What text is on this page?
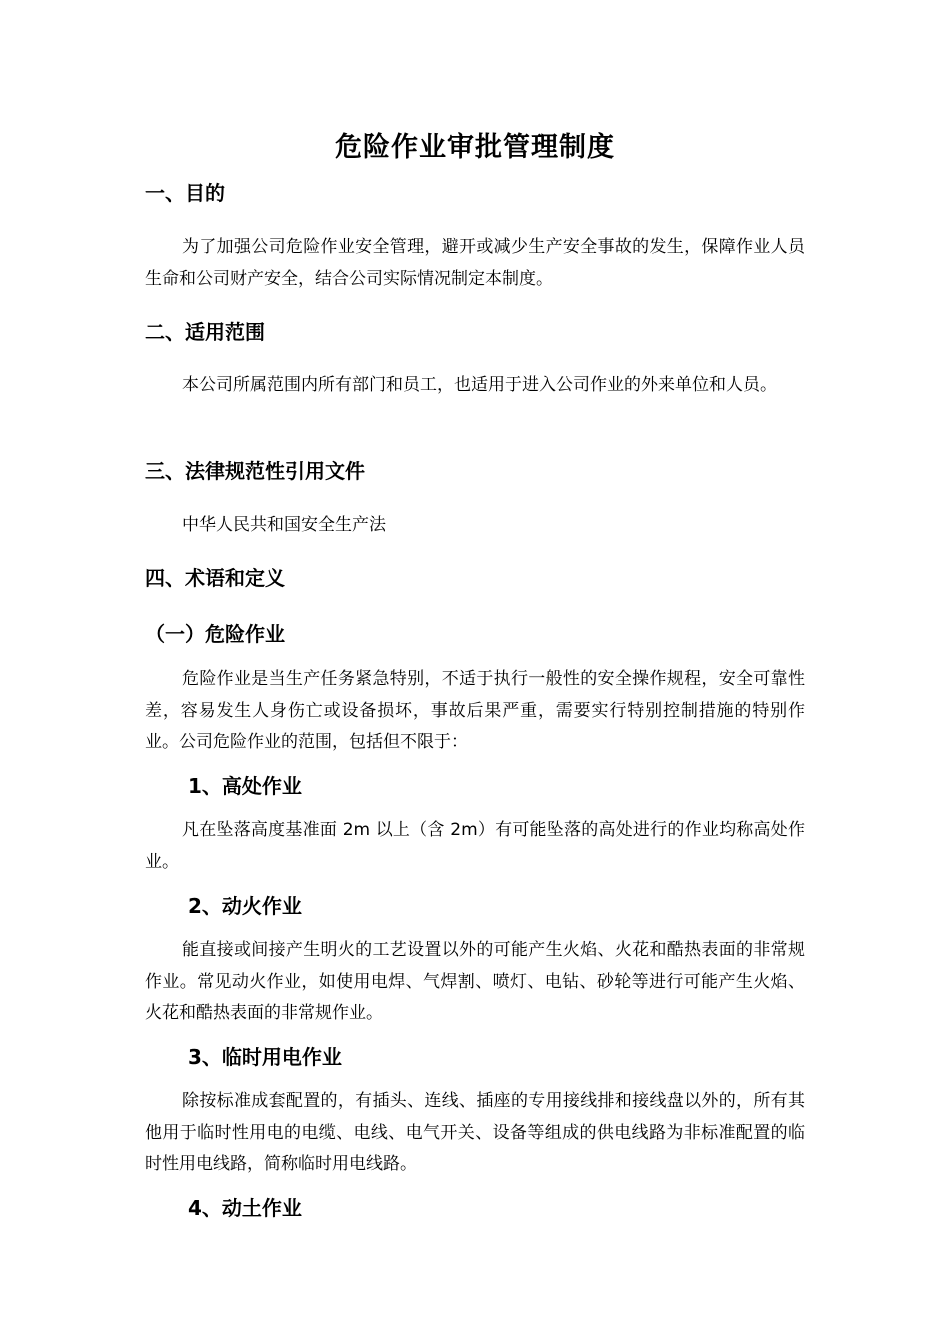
危险作业审批管理制度
一、目的
为了加强公司危险作业安全管理，避开或减少生产安全事故的发生，保障作业人员生命和公司财产安全，结合公司实际情况制定本制度。
二、适用范围
本公司所属范围内所有部门和员工，也适用于进入公司作业的外来单位和人员。
三、法律规范性引用文件
中华人民共和国安全生产法
四、术语和定义
（一）危险作业
危险作业是当生产任务紧急特别，不适于执行一般性的安全操作规程，安全可靠性差，容易发生人身伤亡或设备损坏，事故后果严重，需要实行特别控制措施的特别作业。公司危险作业的范围，包括但不限于：
1、高处作业
凡在坠落高度基准面 2m 以上（含 2m）有可能坠落的高处进行的作业均称高处作业。
2、动火作业
能直接或间接产生明火的工艺设置以外的可能产生火焰、火花和酷热表面的非常规作业。常见动火作业，如使用电焊、气焊割、喷灯、电钻、砂轮等进行可能产生火焰、火花和酷热表面的非常规作业。
3、临时用电作业
除按标准成套配置的，有插头、连线、插座的专用接线排和接线盘以外的，所有其他用于临时性用电的电缆、电线、电气开关、设备等组成的供电线路为非标准配置的临时性用电线路，简称临时用电线路。
4、动土作业
